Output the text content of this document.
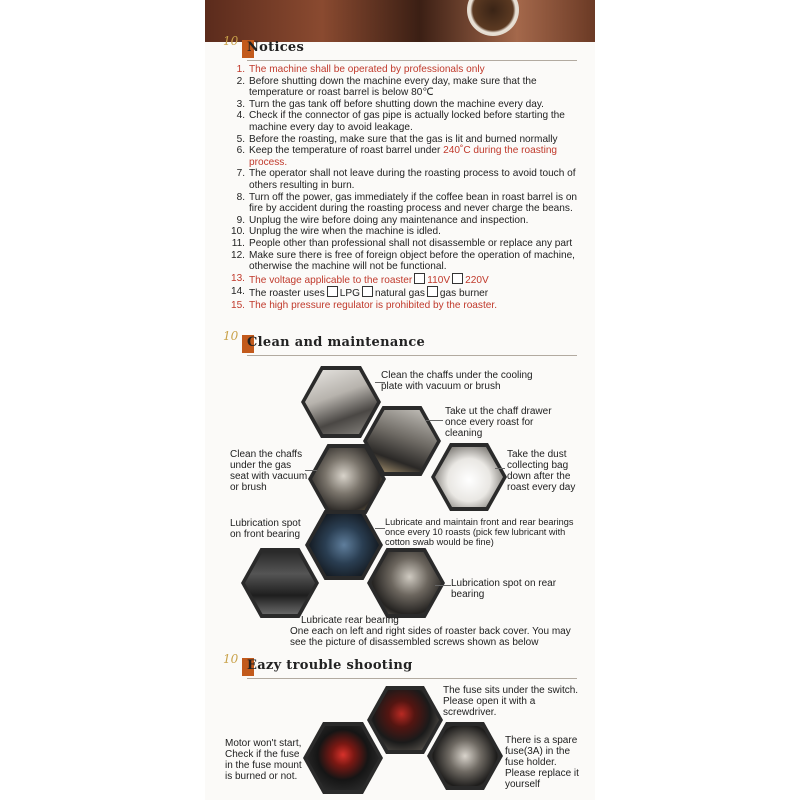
10 Notices
1. The machine shall be operated by professionals only
2. Before shutting down the machine every day, make sure that the temperature or roast barrel is below 80℃
3. Turn the gas tank off before shutting down the machine every day.
4. Check if the connector of gas pipe is actually locked before starting the machine every day to avoid leakage.
5. Before the roasting, make sure that the gas is lit and burned normally
6. Keep the temperature of roast barrel under 240˚C during the roasting process.
7. The operator shall not leave during the roasting process to avoid touch of others resulting in burn.
8. Turn off the power, gas immediately if the coffee bean in roast barrel is on fire by accident during the roasting process and never charge the beans.
9. Unplug the wire before doing any maintenance and inspection.
10. Unplug the wire when the machine is idled.
11. People other than professional shall not disassemble or replace any part
12. Make sure there is free of foreign object before the operation of machine, otherwise the machine will not be functional.
13. The voltage applicable to the roaster 110V 220V
14. The roaster uses LPG natural gas gas burner
15. The high pressure regulator is prohibited by the roaster.
10 Clean and maintenance
Clean the chaffs under the cooling plate with vacuum or brush
Take ut the chaff drawer once every roast for cleaning
Clean the chaffs under the gas seat with vacuum or brush
Take the dust collecting bag down after the roast every day
Lubrication spot on front bearing
Lubricate and maintain front and rear bearings once every 10 roasts (pick few lubricant with cotton swab would be fine)
Lubrication spot on rear bearing
Lubricate rear bearing
One each on left and right sides of roaster back cover. You may see the picture of disassembled screws shown as below
10 Eazy trouble shooting
The fuse sits under the switch. Please open it with a screwdriver.
Motor won't start, Check if the fuse in the fuse mount is burned or not.
There is a spare fuse(3A) in the fuse holder. Please replace it yourself
